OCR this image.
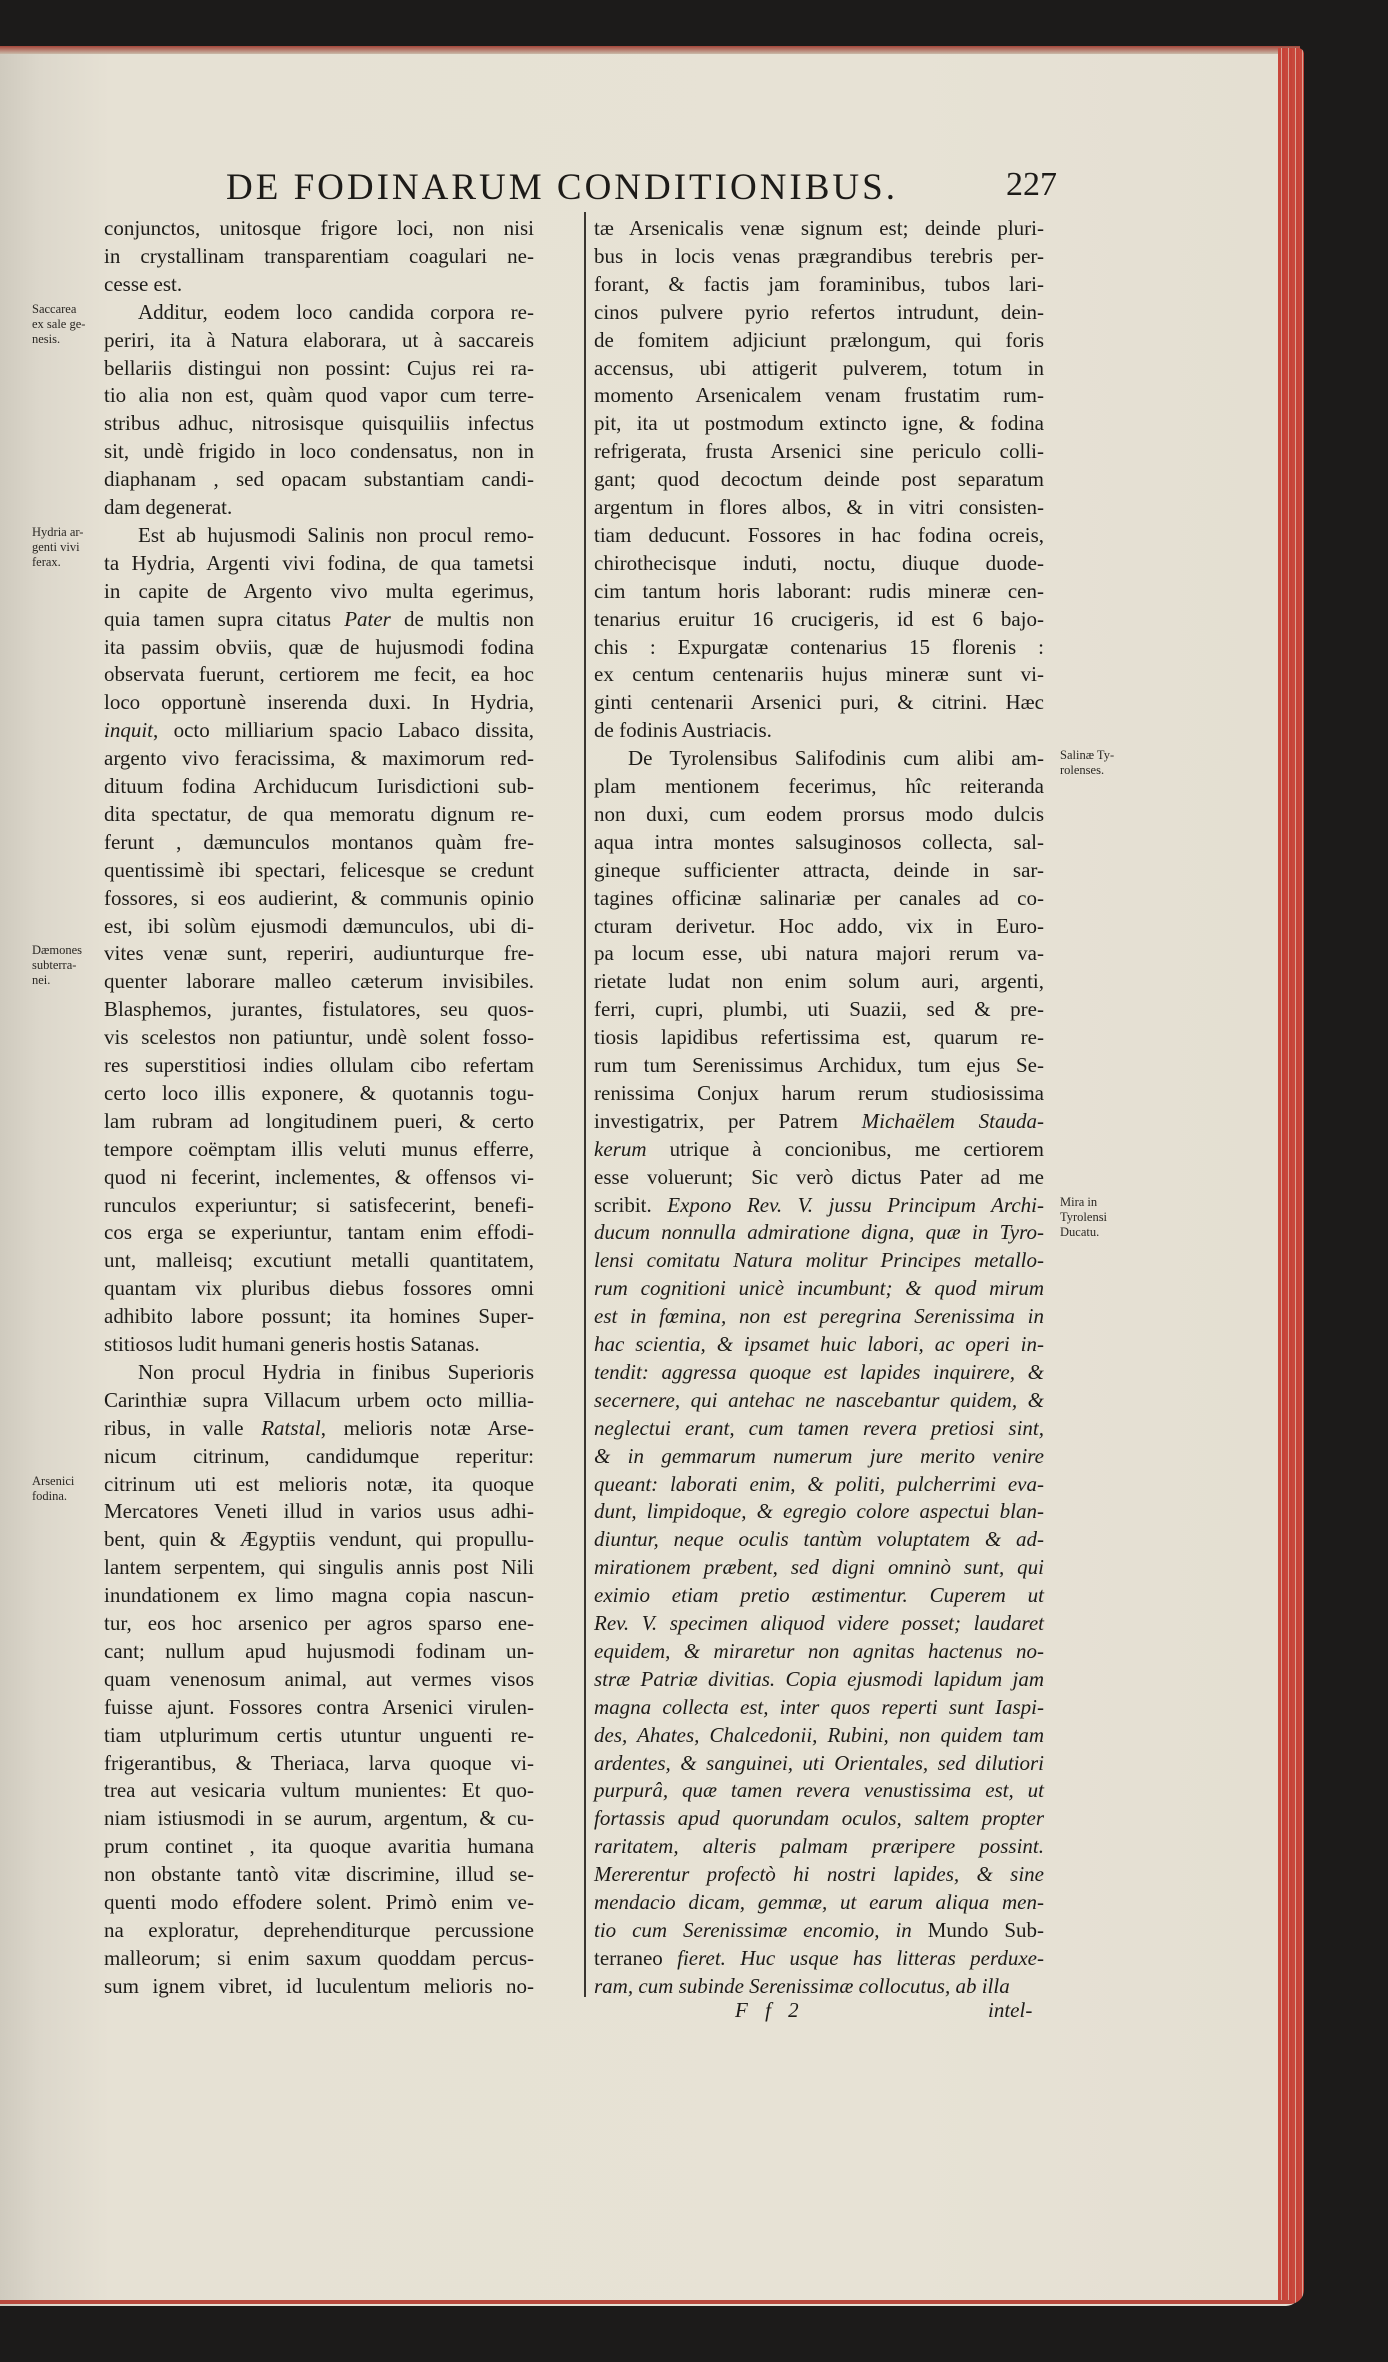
DE FODINARUM CONDITIONIBUS.	227
conjunctos, unitosque frigore loci, non nisi
in crystallinam transparentiam coagulari ne-
cesse est.
Additur, eodem loco candida corpora re-
periri, ita à Natura elaborara, ut à saccareis
bellariis distingui non possint: Cujus rei ra-
tio alia non est, quàm quod vapor cum terre-
stribus adhuc, nitrosisque quisquiliis infectus
sit, undè frigido in loco condensatus, non in
diaphanam , sed opacam substantiam candi-
dam degenerat.
Est ab hujusmodi Salinis non procul remo-
ta Hydria, Argenti vivi fodina, de qua tametsi
in capite de Argento vivo multa egerimus,
quia tamen supra citatus Pater de multis non
ita passim obviis, quæ de hujusmodi fodina
observata fuerunt, certiorem me fecit, ea hoc
loco opportunè inserenda duxi. In Hydria,
inquit, octo milliarium spacio Labaco dissita,
argento vivo feracissima, & maximorum red-
dituum fodina Archiducum Iurisdictioni sub-
dita spectatur, de qua memoratu dignum re-
ferunt , dæmunculos montanos quàm fre-
quentissimè ibi spectari, felicesque se credunt
fossores, si eos audierint, & communis opinio
est, ibi solùm ejusmodi dæmunculos, ubi di-
vites venæ sunt, reperiri, audiunturque fre-
quenter laborare malleo cæterum invisibiles.
Blasphemos, jurantes, fistulatores, seu quos-
vis scelestos non patiuntur, undè solent fosso-
res superstitiosi indies ollulam cibo refertam
certo loco illis exponere, & quotannis togu-
lam rubram ad longitudinem pueri, & certo
tempore coëmptam illis veluti munus efferre,
quod ni fecerint, inclementes, & offensos vi-
runculos experiuntur; si satisfecerint, benefi-
cos erga se experiuntur, tantam enim effodi-
unt, malleisq; excutiunt metalli quantitatem,
quantam vix pluribus diebus fossores omni
adhibito labore possunt; ita homines Super-
stitiosos ludit humani generis hostis Satanas.
Non procul Hydria in finibus Superioris
Carinthiæ supra Villacum urbem octo millia-
ribus, in valle Ratstal, melioris notæ Arse-
nicum citrinum, candidumque reperitur:
citrinum uti est melioris notæ, ita quoque
Mercatores Veneti illud in varios usus adhi-
bent, quin & Ægyptiis vendunt, qui propullu-
lantem serpentem, qui singulis annis post Nili
inundationem ex limo magna copia nascun-
tur, eos hoc arsenico per agros sparso ene-
cant; nullum apud hujusmodi fodinam un-
quam venenosum animal, aut vermes visos
fuisse ajunt. Fossores contra Arsenici virulen-
tiam utplurimum certis utuntur unguenti re-
frigerantibus, & Theriaca, larva quoque vi-
trea aut vesicaria vultum munientes: Et quo-
niam istiusmodi in se aurum, argentum, & cu-
prum continet , ita quoque avaritia humana
non obstante tantò vitæ discrimine, illud se-
quenti modo effodere solent. Primò enim ve-
na exploratur, deprehenditurque percussione
malleorum; si enim saxum quoddam percus-
sum ignem vibret, id luculentum melioris no-
tæ Arsenicalis venæ signum est; deinde pluri-
bus in locis venas prægrandibus terebris per-
forant, & factis jam foraminibus, tubos lari-
cinos pulvere pyrio refertos intrudunt, dein-
de fomitem adjiciunt prælongum, qui foris
accensus, ubi attigerit pulverem, totum in
momento Arsenicalem venam frustatim rum-
pit, ita ut postmodum extincto igne, & fodina
refrigerata, frusta Arsenici sine periculo colli-
gant; quod decoctum deinde post separatum
argentum in flores albos, & in vitri consisten-
tiam deducunt. Fossores in hac fodina ocreis,
chirothecisque induti, noctu, diuque duode-
cim tantum horis laborant: rudis mineræ cen-
tenarius eruitur 16 crucigeris, id est 6 bajo-
chis : Expurgatæ contenarius 15 florenis :
ex centum centenariis hujus mineræ sunt vi-
ginti centenarii Arsenici puri, & citrini. Hæc
de fodinis Austriacis.
De Tyrolensibus Salifodinis cum alibi am-
plam mentionem fecerimus, hîc reiteranda
non duxi, cum eodem prorsus modo dulcis
aqua intra montes salsuginosos collecta, sal-
gineque sufficienter attracta, deinde in sar-
tagines officinæ salinariæ per canales ad co-
cturam derivetur. Hoc addo, vix in Euro-
pa locum esse, ubi natura majori rerum va-
rietate ludat non enim solum auri, argenti,
ferri, cupri, plumbi, uti Suazii, sed & pre-
tiosis lapidibus refertissima est, quarum re-
rum tum Serenissimus Archidux, tum ejus Se-
renissima Conjux harum rerum studiosissima
investigatrix, per Patrem Michaëlem Stauda-
kerum utrique à concionibus, me certiorem
esse voluerunt; Sic verò dictus Pater ad me
scribit. Expono Rev. V. jussu Principum Archi-
ducum nonnulla admiratione digna, quæ in Tyro-
lensi comitatu Natura molitur Principes metallo-
rum cognitioni unicè incumbunt; & quod mirum
est in fœmina, non est peregrina Serenissima in
hac scientia, & ipsamet huic labori, ac operi in-
tendit: aggressa quoque est lapides inquirere, &
secernere, qui antehac ne nascebantur quidem, &
neglectui erant, cum tamen revera pretiosi sint,
& in gemmarum numerum jure merito venire
queant: laborati enim, & politi, pulcherrimi eva-
dunt, limpidoque, & egregio colore aspectui blan-
diuntur, neque oculis tantùm voluptatem & ad-
mirationem præbent, sed digni omninò sunt, qui
eximio etiam pretio æstimentur. Cuperem ut
Rev. V. specimen aliquod videre posset; laudaret
equidem, & miraretur non agnitas hactenus no-
stræ Patriæ divitias. Copia ejusmodi lapidum jam
magna collecta est, inter quos reperti sunt Iaspi-
des, Ahates, Chalcedonii, Rubini, non quidem tam
ardentes, & sanguinei, uti Orientales, sed dilutiori
purpurâ, quæ tamen revera venustissima est, ut
fortassis apud quorundam oculos, saltem propter
raritatem, alteris palmam præripere possint.
Mererentur profectò hi nostri lapides, & sine
mendacio dicam, gemmæ, ut earum aliqua men-
tio cum Serenissimæ encomio, in Mundo Sub-
terraneo fieret. Huc usque has litteras perduxe-
ram, cum subinde Serenissimæ collocutus, ab illa
Saccarea
ex sale ge-
nesis.
Hydria ar-
genti vivi
ferax.
Dæmones
subterra-
nei.
Arsenici
fodina.
Salinæ Ty-
rolenses.
Mira in
Tyrolensi
Ducatu.
F f 2	intel-
